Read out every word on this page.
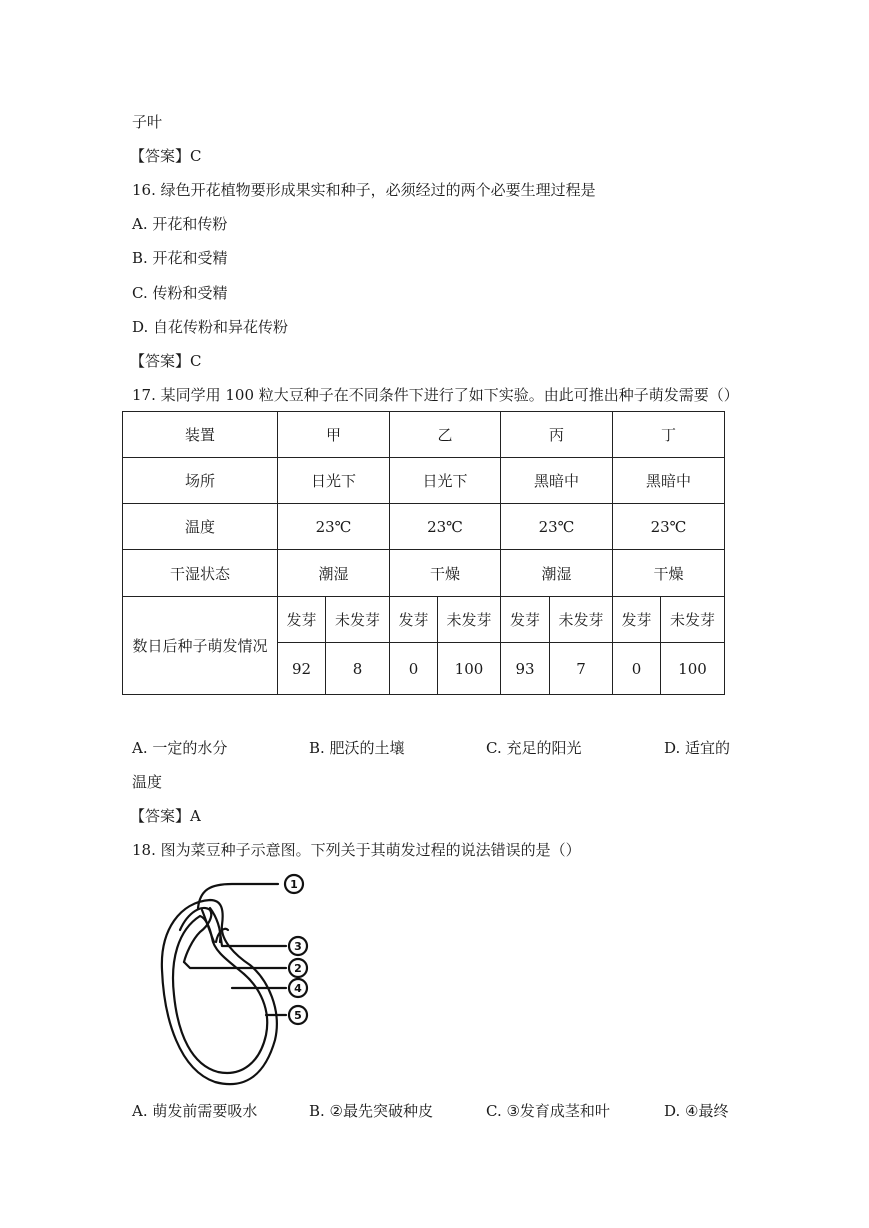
子叶
【答案】C
16. 绿色开花植物要形成果实和种子，必须经过的两个必要生理过程是
A. 开花和传粉
B. 开花和受精
C. 传粉和受精
D. 自花传粉和异花传粉
【答案】C
17. 某同学用 100 粒大豆种子在不同条件下进行了如下实验。由此可推出种子萌发需要（）
装置	甲		乙		丙		丁	
场所	日光下		日光下		黑暗中		黑暗中	
温度	23℃		23℃		23℃		23℃	
干湿状态	潮湿		干燥		潮湿		干燥	
数日后种子萌发情况	发芽	未发芽	发芽	未发芽	发芽	未发芽	发芽	未发芽
	92	8	0	100	93	7	0	100
A. 一定的水分	B. 肥沃的土壤	C. 充足的阳光	D. 适宜的
温度
【答案】A
18. 图为菜豆种子示意图。下列关于其萌发过程的说法错误的是（）
1
3
2
4
5
A. 萌发前需要吸水	B. ②最先突破种皮	C. ③发育成茎和叶	D. ④最终
